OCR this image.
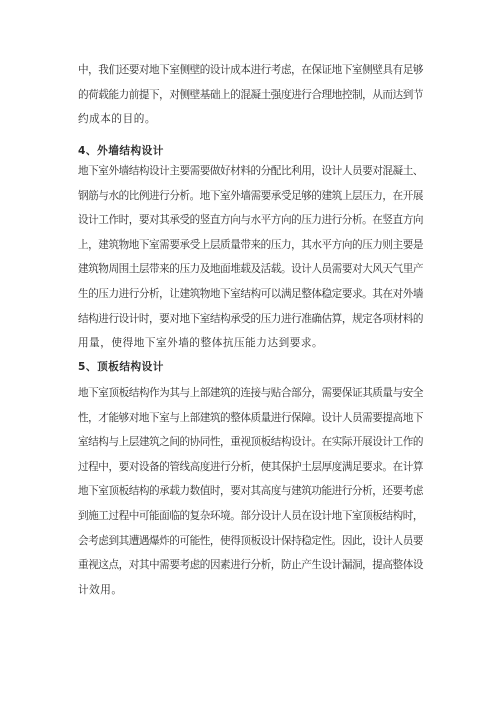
中，我们还要对地下室侧壁的设计成本进行考虑，在保证地下室侧壁具有足够
的荷载能力前提下，对侧壁基础上的混凝土强度进行合理地控制，从而达到节
约成本的目的。

4、外墙结构设计

地下室外墙结构设计主要需要做好材料的分配比利用，设计人员要对混凝土、
钢筋与水的比例进行分析。地下室外墙需要承受足够的建筑上层压力，在开展
设计工作时，要对其承受的竖直方向与水平方向的压力进行分析。在竖直方向
上，建筑物地下室需要承受上层质量带来的压力，其水平方向的压力则主要是
建筑物周围土层带来的压力及地面堆载及活载。设计人员需要对大风天气里产
生的压力进行分析，让建筑物地下室结构可以满足整体稳定要求。其在对外墙
结构进行设计时，要对地下室结构承受的压力进行准确估算，规定各项材料的
用量，使得地下室外墙的整体抗压能力达到要求。

5、顶板结构设计

地下室顶板结构作为其与上部建筑的连接与贴合部分，需要保证其质量与安全
性，才能够对地下室与上部建筑的整体质量进行保障。设计人员需要提高地下
室结构与上层建筑之间的协同性，重视顶板结构设计。在实际开展设计工作的
过程中，要对设备的管线高度进行分析，使其保护土层厚度满足要求。在计算
地下室顶板结构的承载力数值时，要对其高度与建筑功能进行分析，还要考虑
到施工过程中可能面临的复杂环境。部分设计人员在设计地下室顶板结构时，
会考虑到其遭遇爆炸的可能性，使得顶板设计保持稳定性。因此，设计人员要
重视这点，对其中需要考虑的因素进行分析，防止产生设计漏洞，提高整体设
计效用。
